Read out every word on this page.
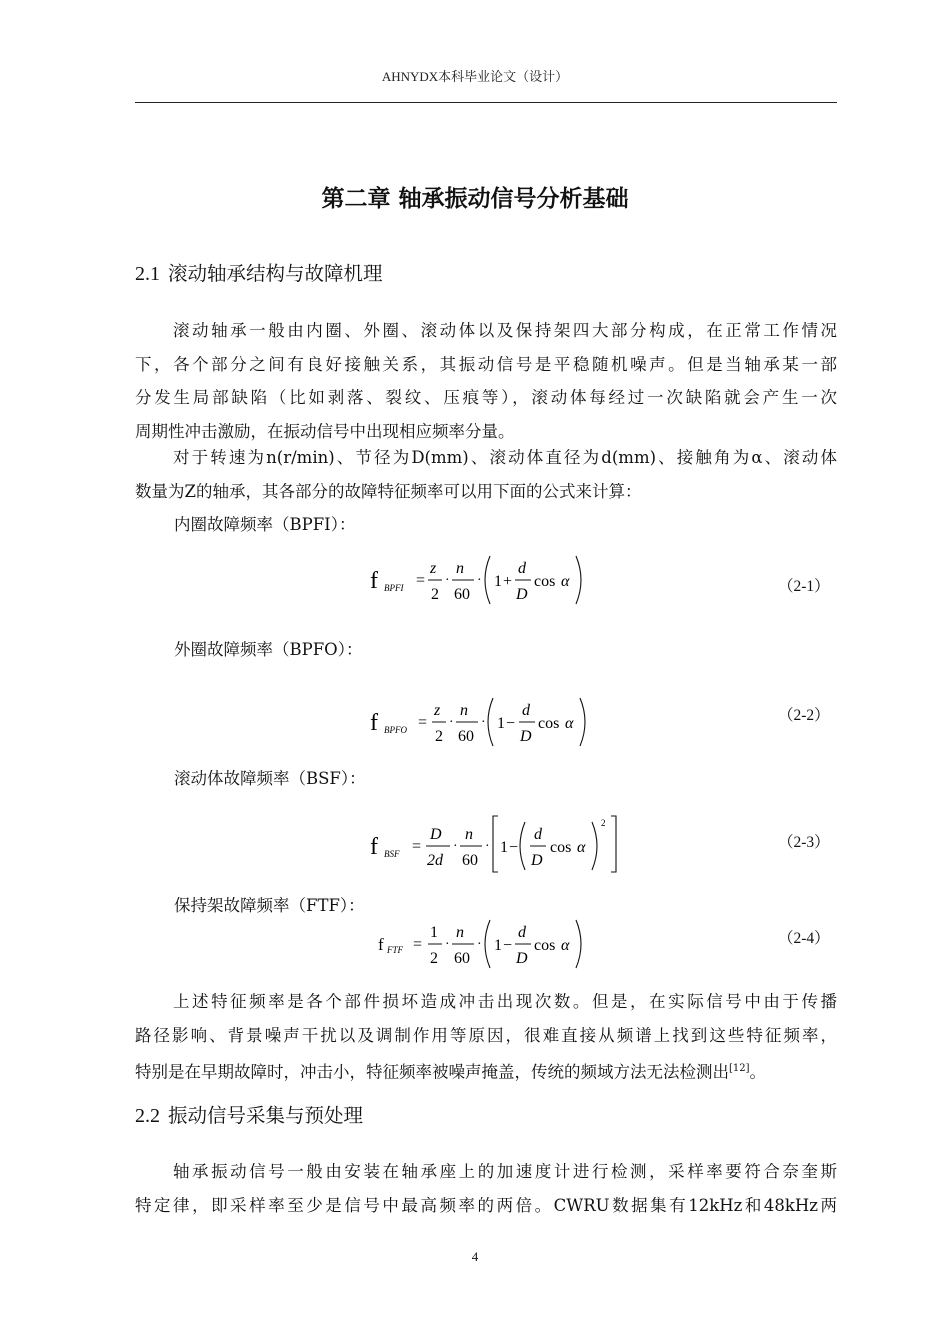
AHNYDX本科毕业论文（设计）
第二章 轴承振动信号分析基础
2.1 滚动轴承结构与故障机理
滚动轴承一般由内圈、外圈、滚动体以及保持架四大部分构成，在正常工作情况
下，各个部分之间有良好接触关系，其振动信号是平稳随机噪声。但是当轴承某一部
分发生局部缺陷（比如剥落、裂纹、压痕等），滚动体每经过一次缺陷就会产生一次
周期性冲击激励，在振动信号中出现相应频率分量。
对于转速为n(r/min)、节径为D(mm)、滚动体直径为d(mm)、接触角为α、滚动体
数量为Z的轴承，其各部分的故障特征频率可以用下面的公式来计算：
内圈故障频率（BPFI）：
外圈故障频率（BPFO）：
滚动体故障频率（BSF）：
保持架故障频率（FTF）：
（2-1）
（2-2）
（2-3）
（2-4）
f BPFI =
z
2
·
n
60
· 1 +
d
D
cos α
f BPFO =
z
2
·
n
60
· 1 −
d
D
cos α
f BSF =
D
2d
·
n
60
· 1 −
d
D
cos α
2
f FTF =
1
2
·
n
60
· 1 −
d
D
cos α
上述特征频率是各个部件损坏造成冲击出现次数。但是，在实际信号中由于传播
路径影响、背景噪声干扰以及调制作用等原因，很难直接从频谱上找到这些特征频率，
特别是在早期故障时，冲击小，特征频率被噪声掩盖，传统的频域方法无法检测出[12]。
2.2 振动信号采集与预处理
轴承振动信号一般由安装在轴承座上的加速度计进行检测，采样率要符合奈奎斯
特定律，即采样率至少是信号中最高频率的两倍。CWRU数据集有12kHz和48kHz两
4
